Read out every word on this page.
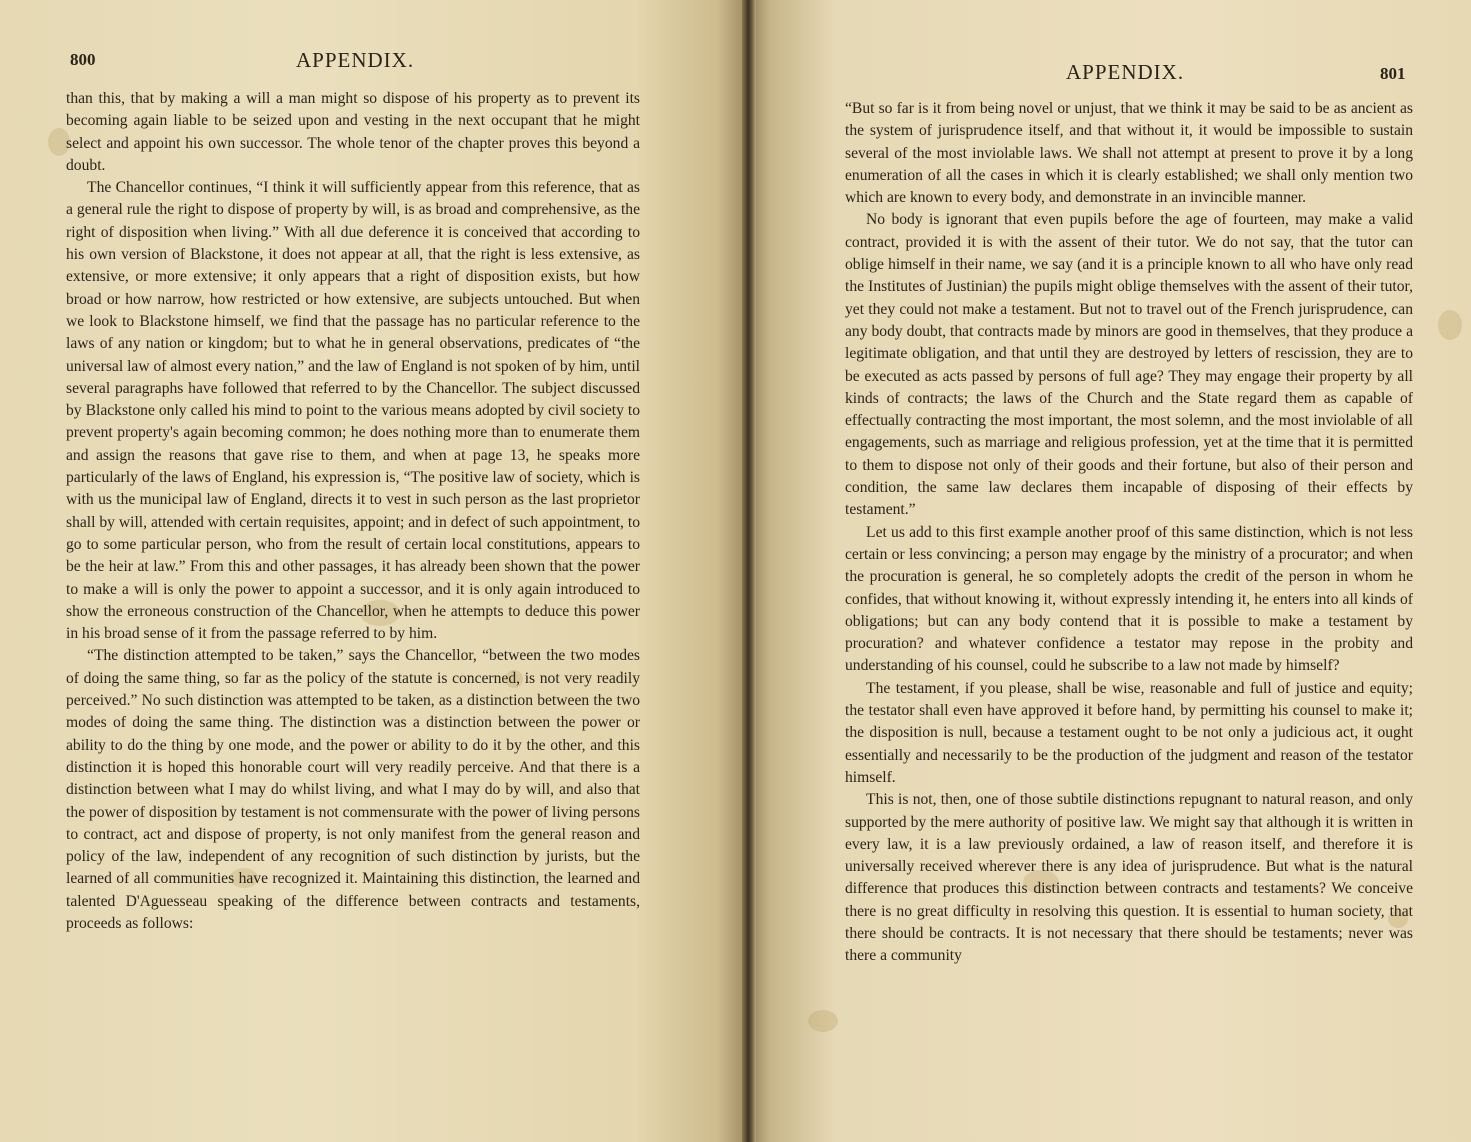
800	APPENDIX.

than this, that by making a will a man might so dispose of his property as to prevent its becoming again liable to be seized upon and vesting in the next occupant that he might select and appoint his own successor. The whole tenor of the chapter proves this beyond a doubt.

The Chancellor continues, “I think it will sufficiently appear from this reference, that as a general rule the right to dispose of property by will, is as broad and comprehensive, as the right of disposition when living.” With all due deference it is conceived that according to his own version of Blackstone, it does not appear at all, that the right is less extensive, as extensive, or more extensive; it only appears that a right of disposition exists, but how broad or how narrow, how restricted or how extensive, are subjects untouched. But when we look to Blackstone himself, we find that the passage has no particular reference to the laws of any nation or kingdom; but to what he in general observations, predicates of “the universal law of almost every nation,” and the law of England is not spoken of by him, until several paragraphs have followed that referred to by the Chancellor. The subject discussed by Blackstone only called his mind to point to the various means adopted by civil society to prevent property's again becoming common; he does nothing more than to enumerate them and assign the reasons that gave rise to them, and when at page 13, he speaks more particularly of the laws of England, his expression is, “The positive law of society, which is with us the municipal law of England, directs it to vest in such person as the last proprietor shall by will, attended with certain requisites, appoint; and in defect of such appointment, to go to some particular person, who from the result of certain local constitutions, appears to be the heir at law.” From this and other passages, it has already been shown that the power to make a will is only the power to appoint a successor, and it is only again introduced to show the erroneous construction of the Chancellor, when he attempts to deduce this power in his broad sense of it from the passage referred to by him.

“The distinction attempted to be taken,” says the Chancellor, “between the two modes of doing the same thing, so far as the policy of the statute is concerned, is not very readily perceived.” No such distinction was attempted to be taken, as a distinction between the two modes of doing the same thing. The distinction was a distinction between the power or ability to do the thing by one mode, and the power or ability to do it by the other, and this distinction it is hoped this honorable court will very readily perceive. And that there is a distinction between what I may do whilst living, and what I may do by will, and also that the power of disposition by testament is not commensurate with the power of living persons to contract, act and dispose of property, is not only manifest from the general reason and policy of the law, independent of any recognition of such distinction by jurists, but the learned of all communities have recognized it. Maintaining this distinction, the learned and talented D'Aguesseau speaking of the difference between contracts and testaments, proceeds as follows:

APPENDIX.	801

“But so far is it from being novel or unjust, that we think it may be said to be as ancient as the system of jurisprudence itself, and that without it, it would be impossible to sustain several of the most inviolable laws. We shall not attempt at present to prove it by a long enumeration of all the cases in which it is clearly established; we shall only mention two which are known to every body, and demonstrate in an invincible manner.

No body is ignorant that even pupils before the age of fourteen, may make a valid contract, provided it is with the assent of their tutor. We do not say, that the tutor can oblige himself in their name, we say (and it is a principle known to all who have only read the Institutes of Justinian) the pupils might oblige themselves with the assent of their tutor, yet they could not make a testament. But not to travel out of the French jurisprudence, can any body doubt, that contracts made by minors are good in themselves, that they produce a legitimate obligation, and that until they are destroyed by letters of rescission, they are to be executed as acts passed by persons of full age? They may engage their property by all kinds of contracts; the laws of the Church and the State regard them as capable of effectually contracting the most important, the most solemn, and the most inviolable of all engagements, such as marriage and religious profession, yet at the time that it is permitted to them to dispose not only of their goods and their fortune, but also of their person and condition, the same law declares them incapable of disposing of their effects by testament.”

Let us add to this first example another proof of this same distinction, which is not less certain or less convincing; a person may engage by the ministry of a procurator; and when the procuration is general, he so completely adopts the credit of the person in whom he confides, that without knowing it, without expressly intending it, he enters into all kinds of obligations; but can any body contend that it is possible to make a testament by procuration? and whatever confidence a testator may repose in the probity and understanding of his counsel, could he subscribe to a law not made by himself?

The testament, if you please, shall be wise, reasonable and full of justice and equity; the testator shall even have approved it before hand, by permitting his counsel to make it; the disposition is null, because a testament ought to be not only a judicious act, it ought essentially and necessarily to be the production of the judgment and reason of the testator himself.

This is not, then, one of those subtile distinctions repugnant to natural reason, and only supported by the mere authority of positive law. We might say that although it is written in every law, it is a law previously ordained, a law of reason itself, and therefore it is universally received wherever there is any idea of jurisprudence. But what is the natural difference that produces this distinction between contracts and testaments? We conceive there is no great difficulty in resolving this question. It is essential to human society, that there should be contracts. It is not necessary that there should be testaments; never was there a community
